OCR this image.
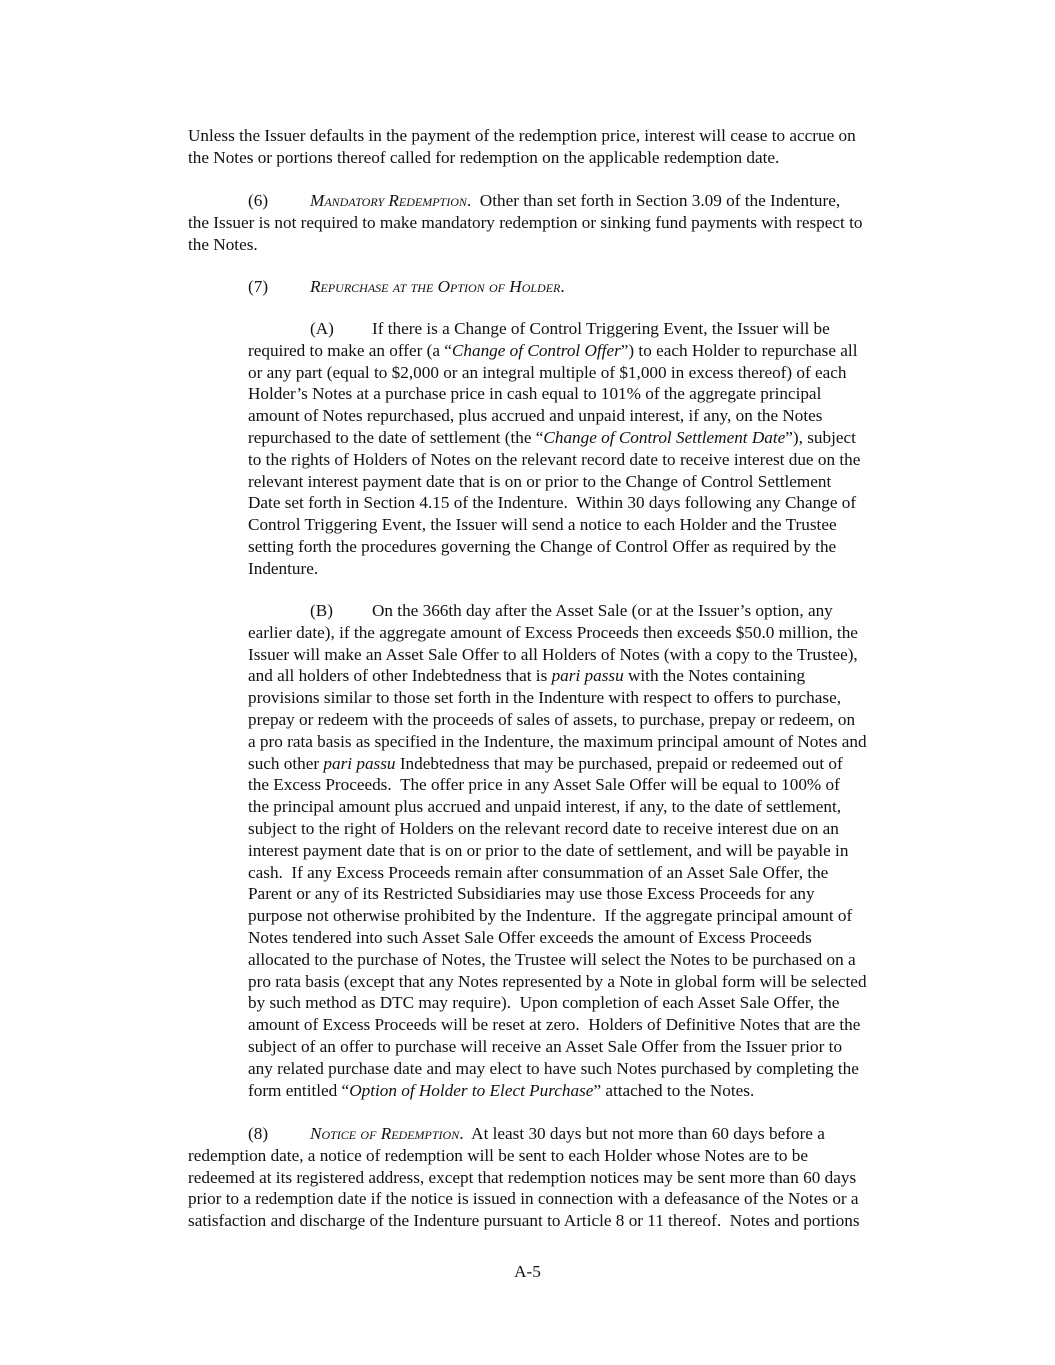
Unless the Issuer defaults in the payment of the redemption price, interest will cease to accrue on
the Notes or portions thereof called for redemption on the applicable redemption date.
(6) Mandatory Redemption.  Other than set forth in Section 3.09 of the Indenture,
the Issuer is not required to make mandatory redemption or sinking fund payments with respect to
the Notes.
(7) Repurchase at the Option of Holder.
(A) If there is a Change of Control Triggering Event, the Issuer will be
required to make an offer (a “Change of Control Offer”) to each Holder to repurchase all
or any part (equal to $2,000 or an integral multiple of $1,000 in excess thereof) of each
Holder’s Notes at a purchase price in cash equal to 101% of the aggregate principal
amount of Notes repurchased, plus accrued and unpaid interest, if any, on the Notes
repurchased to the date of settlement (the “Change of Control Settlement Date”), subject
to the rights of Holders of Notes on the relevant record date to receive interest due on the
relevant interest payment date that is on or prior to the Change of Control Settlement
Date set forth in Section 4.15 of the Indenture.  Within 30 days following any Change of
Control Triggering Event, the Issuer will send a notice to each Holder and the Trustee
setting forth the procedures governing the Change of Control Offer as required by the
Indenture.
(B) On the 366th day after the Asset Sale (or at the Issuer’s option, any
earlier date), if the aggregate amount of Excess Proceeds then exceeds $50.0 million, the
Issuer will make an Asset Sale Offer to all Holders of Notes (with a copy to the Trustee),
and all holders of other Indebtedness that is pari passu with the Notes containing
provisions similar to those set forth in the Indenture with respect to offers to purchase,
prepay or redeem with the proceeds of sales of assets, to purchase, prepay or redeem, on
a pro rata basis as specified in the Indenture, the maximum principal amount of Notes and
such other pari passu Indebtedness that may be purchased, prepaid or redeemed out of
the Excess Proceeds.  The offer price in any Asset Sale Offer will be equal to 100% of
the principal amount plus accrued and unpaid interest, if any, to the date of settlement,
subject to the right of Holders on the relevant record date to receive interest due on an
interest payment date that is on or prior to the date of settlement, and will be payable in
cash.  If any Excess Proceeds remain after consummation of an Asset Sale Offer, the
Parent or any of its Restricted Subsidiaries may use those Excess Proceeds for any
purpose not otherwise prohibited by the Indenture.  If the aggregate principal amount of
Notes tendered into such Asset Sale Offer exceeds the amount of Excess Proceeds
allocated to the purchase of Notes, the Trustee will select the Notes to be purchased on a
pro rata basis (except that any Notes represented by a Note in global form will be selected
by such method as DTC may require).  Upon completion of each Asset Sale Offer, the
amount of Excess Proceeds will be reset at zero.  Holders of Definitive Notes that are the
subject of an offer to purchase will receive an Asset Sale Offer from the Issuer prior to
any related purchase date and may elect to have such Notes purchased by completing the
form entitled “Option of Holder to Elect Purchase” attached to the Notes.
(8) Notice of Redemption.  At least 30 days but not more than 60 days before a
redemption date, a notice of redemption will be sent to each Holder whose Notes are to be
redeemed at its registered address, except that redemption notices may be sent more than 60 days
prior to a redemption date if the notice is issued in connection with a defeasance of the Notes or a
satisfaction and discharge of the Indenture pursuant to Article 8 or 11 thereof.  Notes and portions
A-5
